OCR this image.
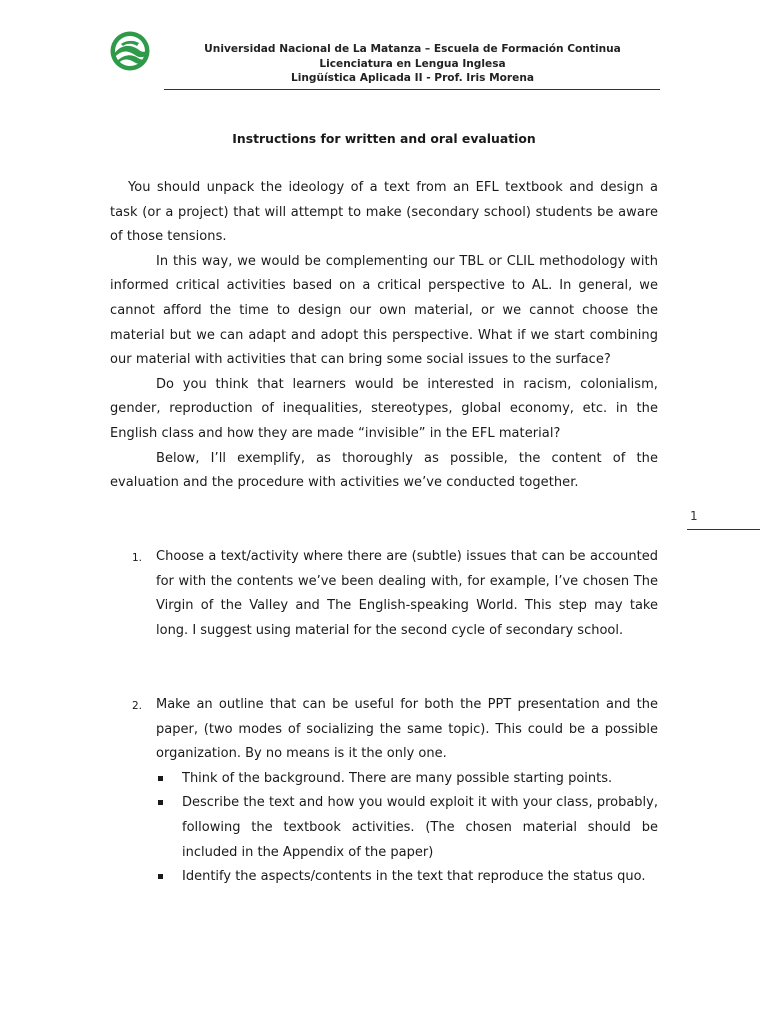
Universidad Nacional de La Matanza – Escuela de Formación Continua
Licenciatura en Lengua Inglesa
Lingüística Aplicada II - Prof. Iris Morena
Instructions for written and oral evaluation

You should unpack the ideology of a text from an EFL textbook and design a task (or a project) that will attempt to make (secondary school) students be aware of those tensions.

In this way, we would be complementing our TBL or CLIL methodology with informed critical activities based on a critical perspective to AL. In general, we cannot afford the time to design our own material, or we cannot choose the material but we can adapt and adopt this perspective. What if we start combining our material with activities that can bring some social issues to the surface?

Do you think that learners would be interested in racism, colonialism, gender, reproduction of inequalities, stereotypes, global economy, etc. in the English class and how they are made “invisible” in the EFL material?

Below, I’ll exemplify, as thoroughly as possible, the content of the evaluation and the procedure with activities we’ve conducted together.

1
1. Choose a text/activity where there are (subtle) issues that can be accounted for with the contents we’ve been dealing with, for example, I’ve chosen The Virgin of the Valley and The English-speaking World. This step may take long. I suggest using material for the second cycle of secondary school.
2. Make an outline that can be useful for both the PPT presentation and the paper, (two modes of socializing the same topic). This could be a possible organization. By no means is it the only one.
Think of the background. There are many possible starting points.
Describe the text and how you would exploit it with your class, probably, following the textbook activities. (The chosen material should be included in the Appendix of the paper)
Identify the aspects/contents in the text that reproduce the status quo.
